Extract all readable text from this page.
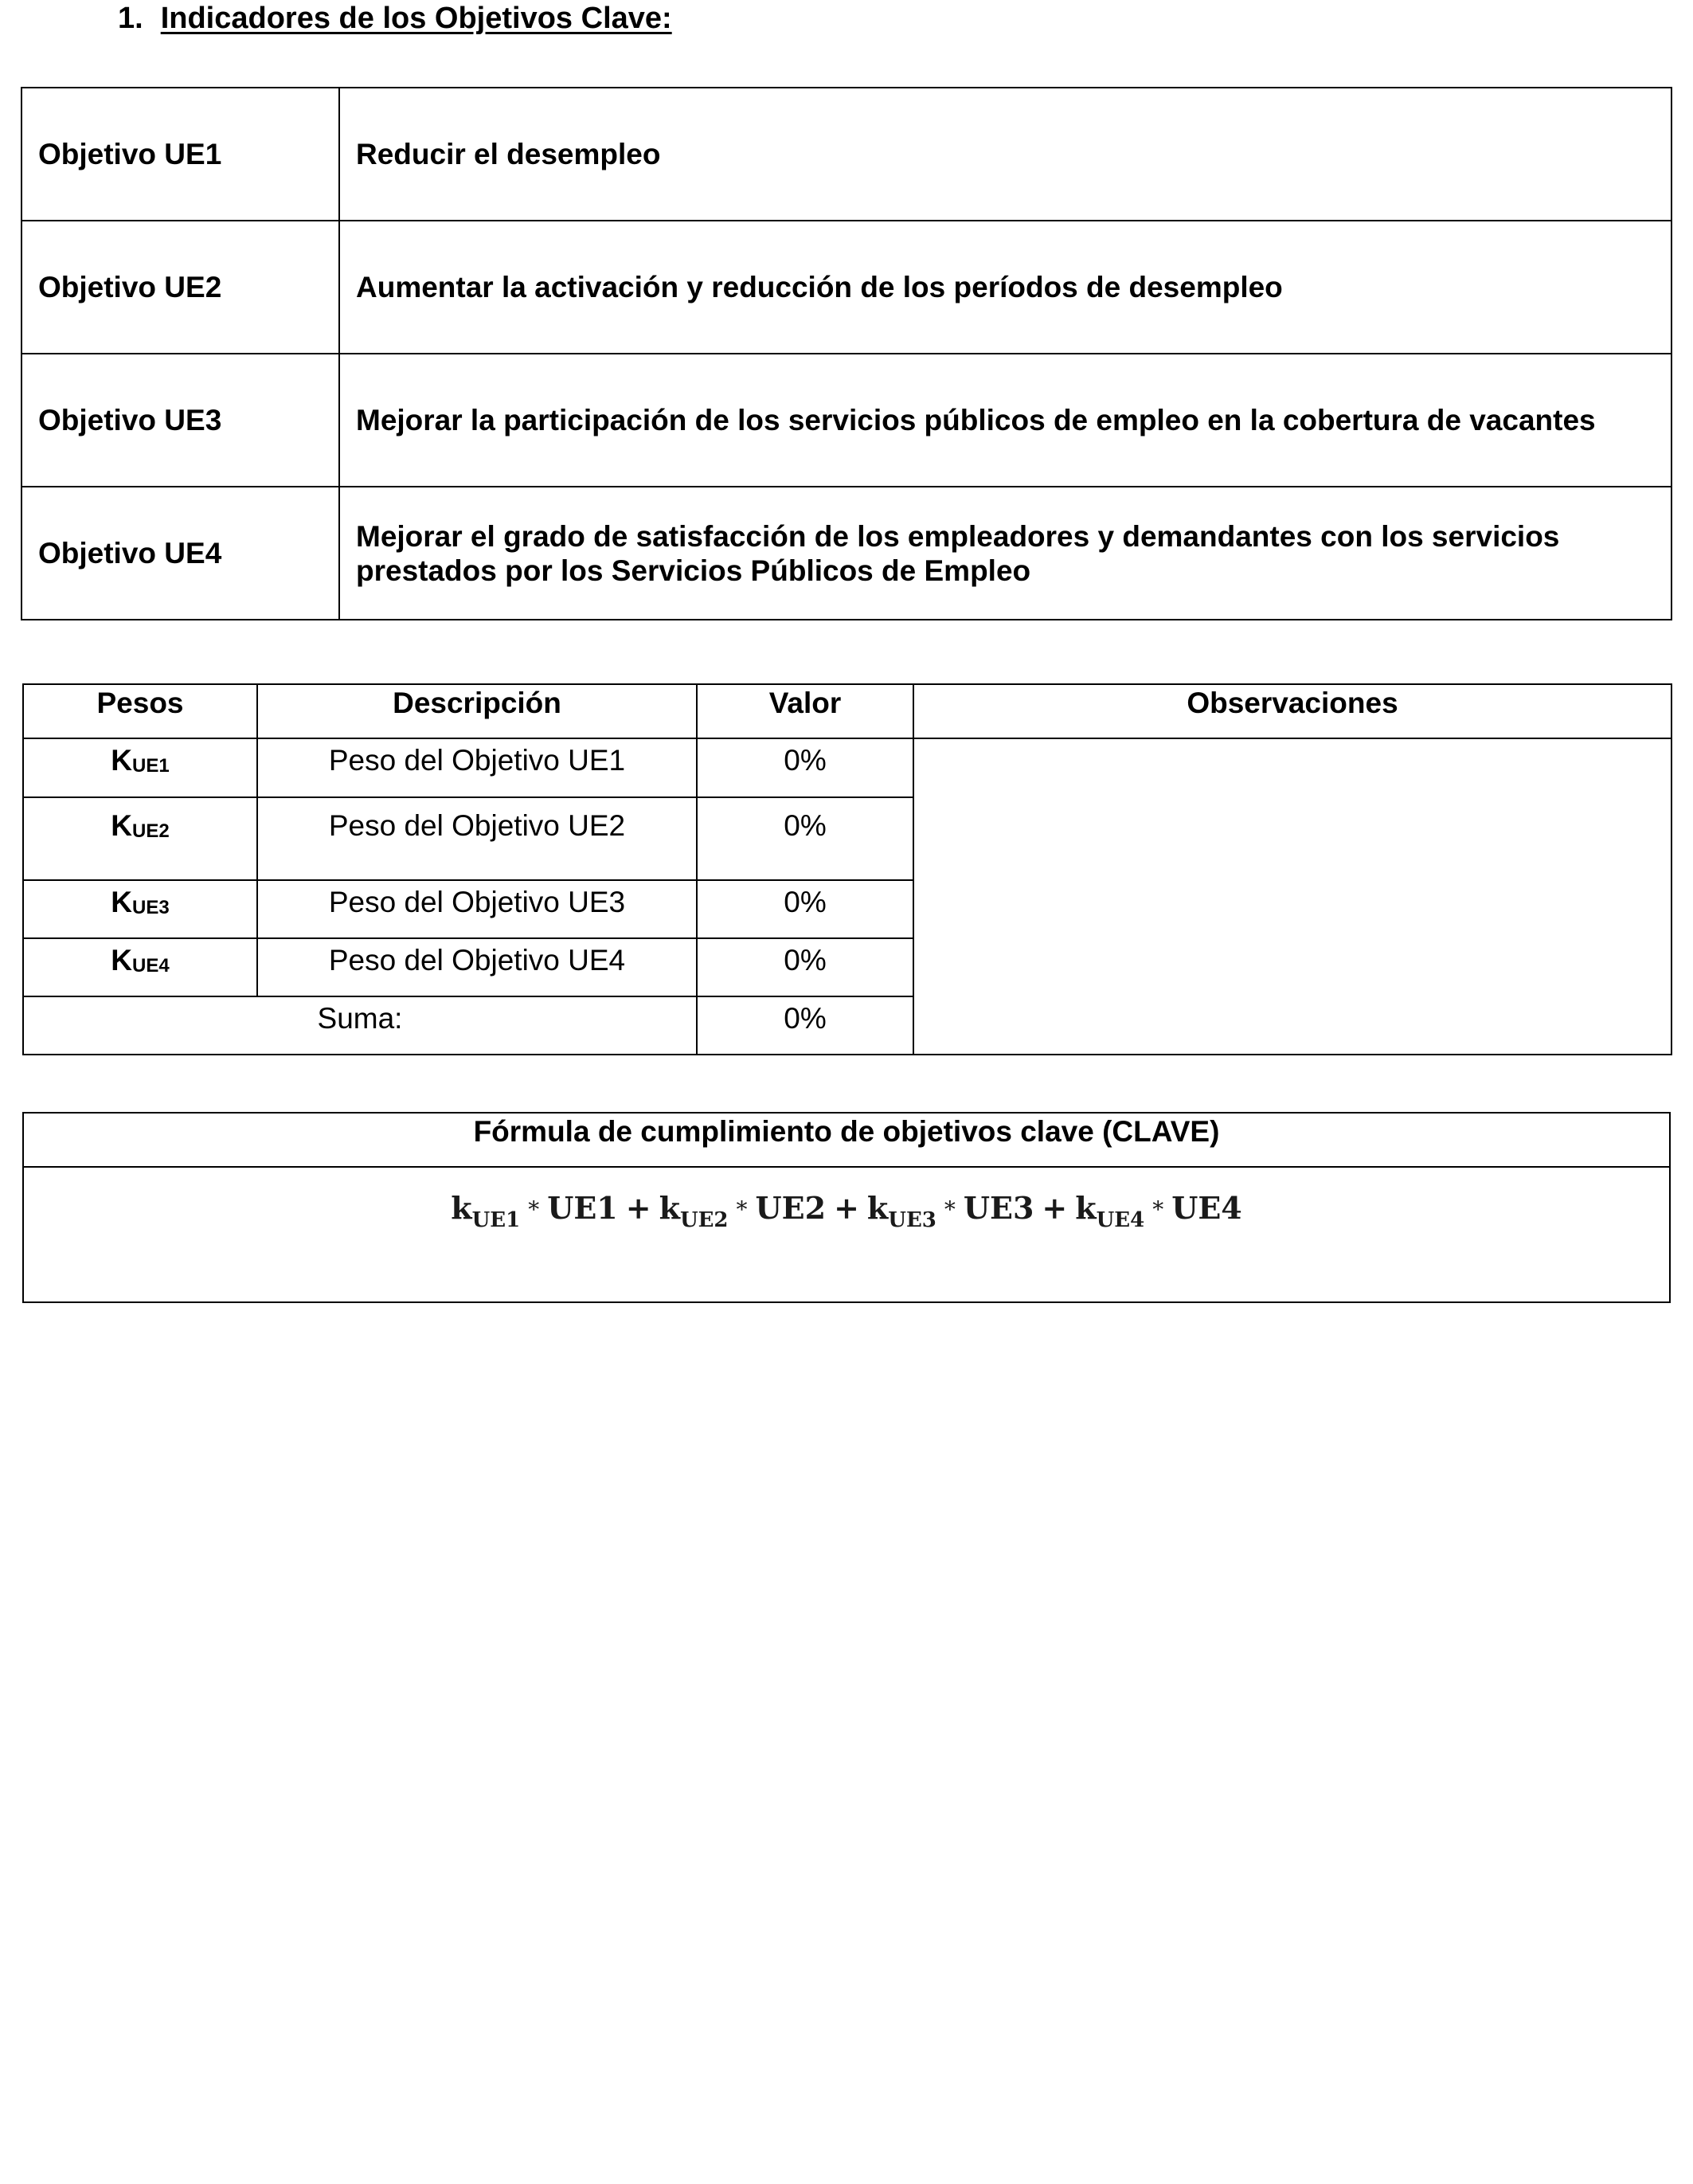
1. Indicadores de los Objetivos Clave:
Objetivo UE1	Reducir el desempleo
Objetivo UE2	Aumentar la activación y reducción de los períodos de desempleo
Objetivo UE3	Mejorar la participación de los servicios públicos de empleo en la cobertura de vacantes
Objetivo UE4	Mejorar el grado de satisfacción de los empleadores y demandantes con los servicios prestados por los Servicios Públicos de Empleo
Pesos	Descripción	Valor	Observaciones
KUE1	Peso del Objetivo UE1	0%	
KUE2	Peso del Objetivo UE2	0%	
KUE3	Peso del Objetivo UE3	0%	
KUE4	Peso del Objetivo UE4	0%	
Suma:		0%	
Fórmula de cumplimiento de objetivos clave (CLAVE)
$k_{UE1} * UE1 + k_{UE2} * UE2 + k_{UE3} * UE3 + k_{UE4} * UE4$
